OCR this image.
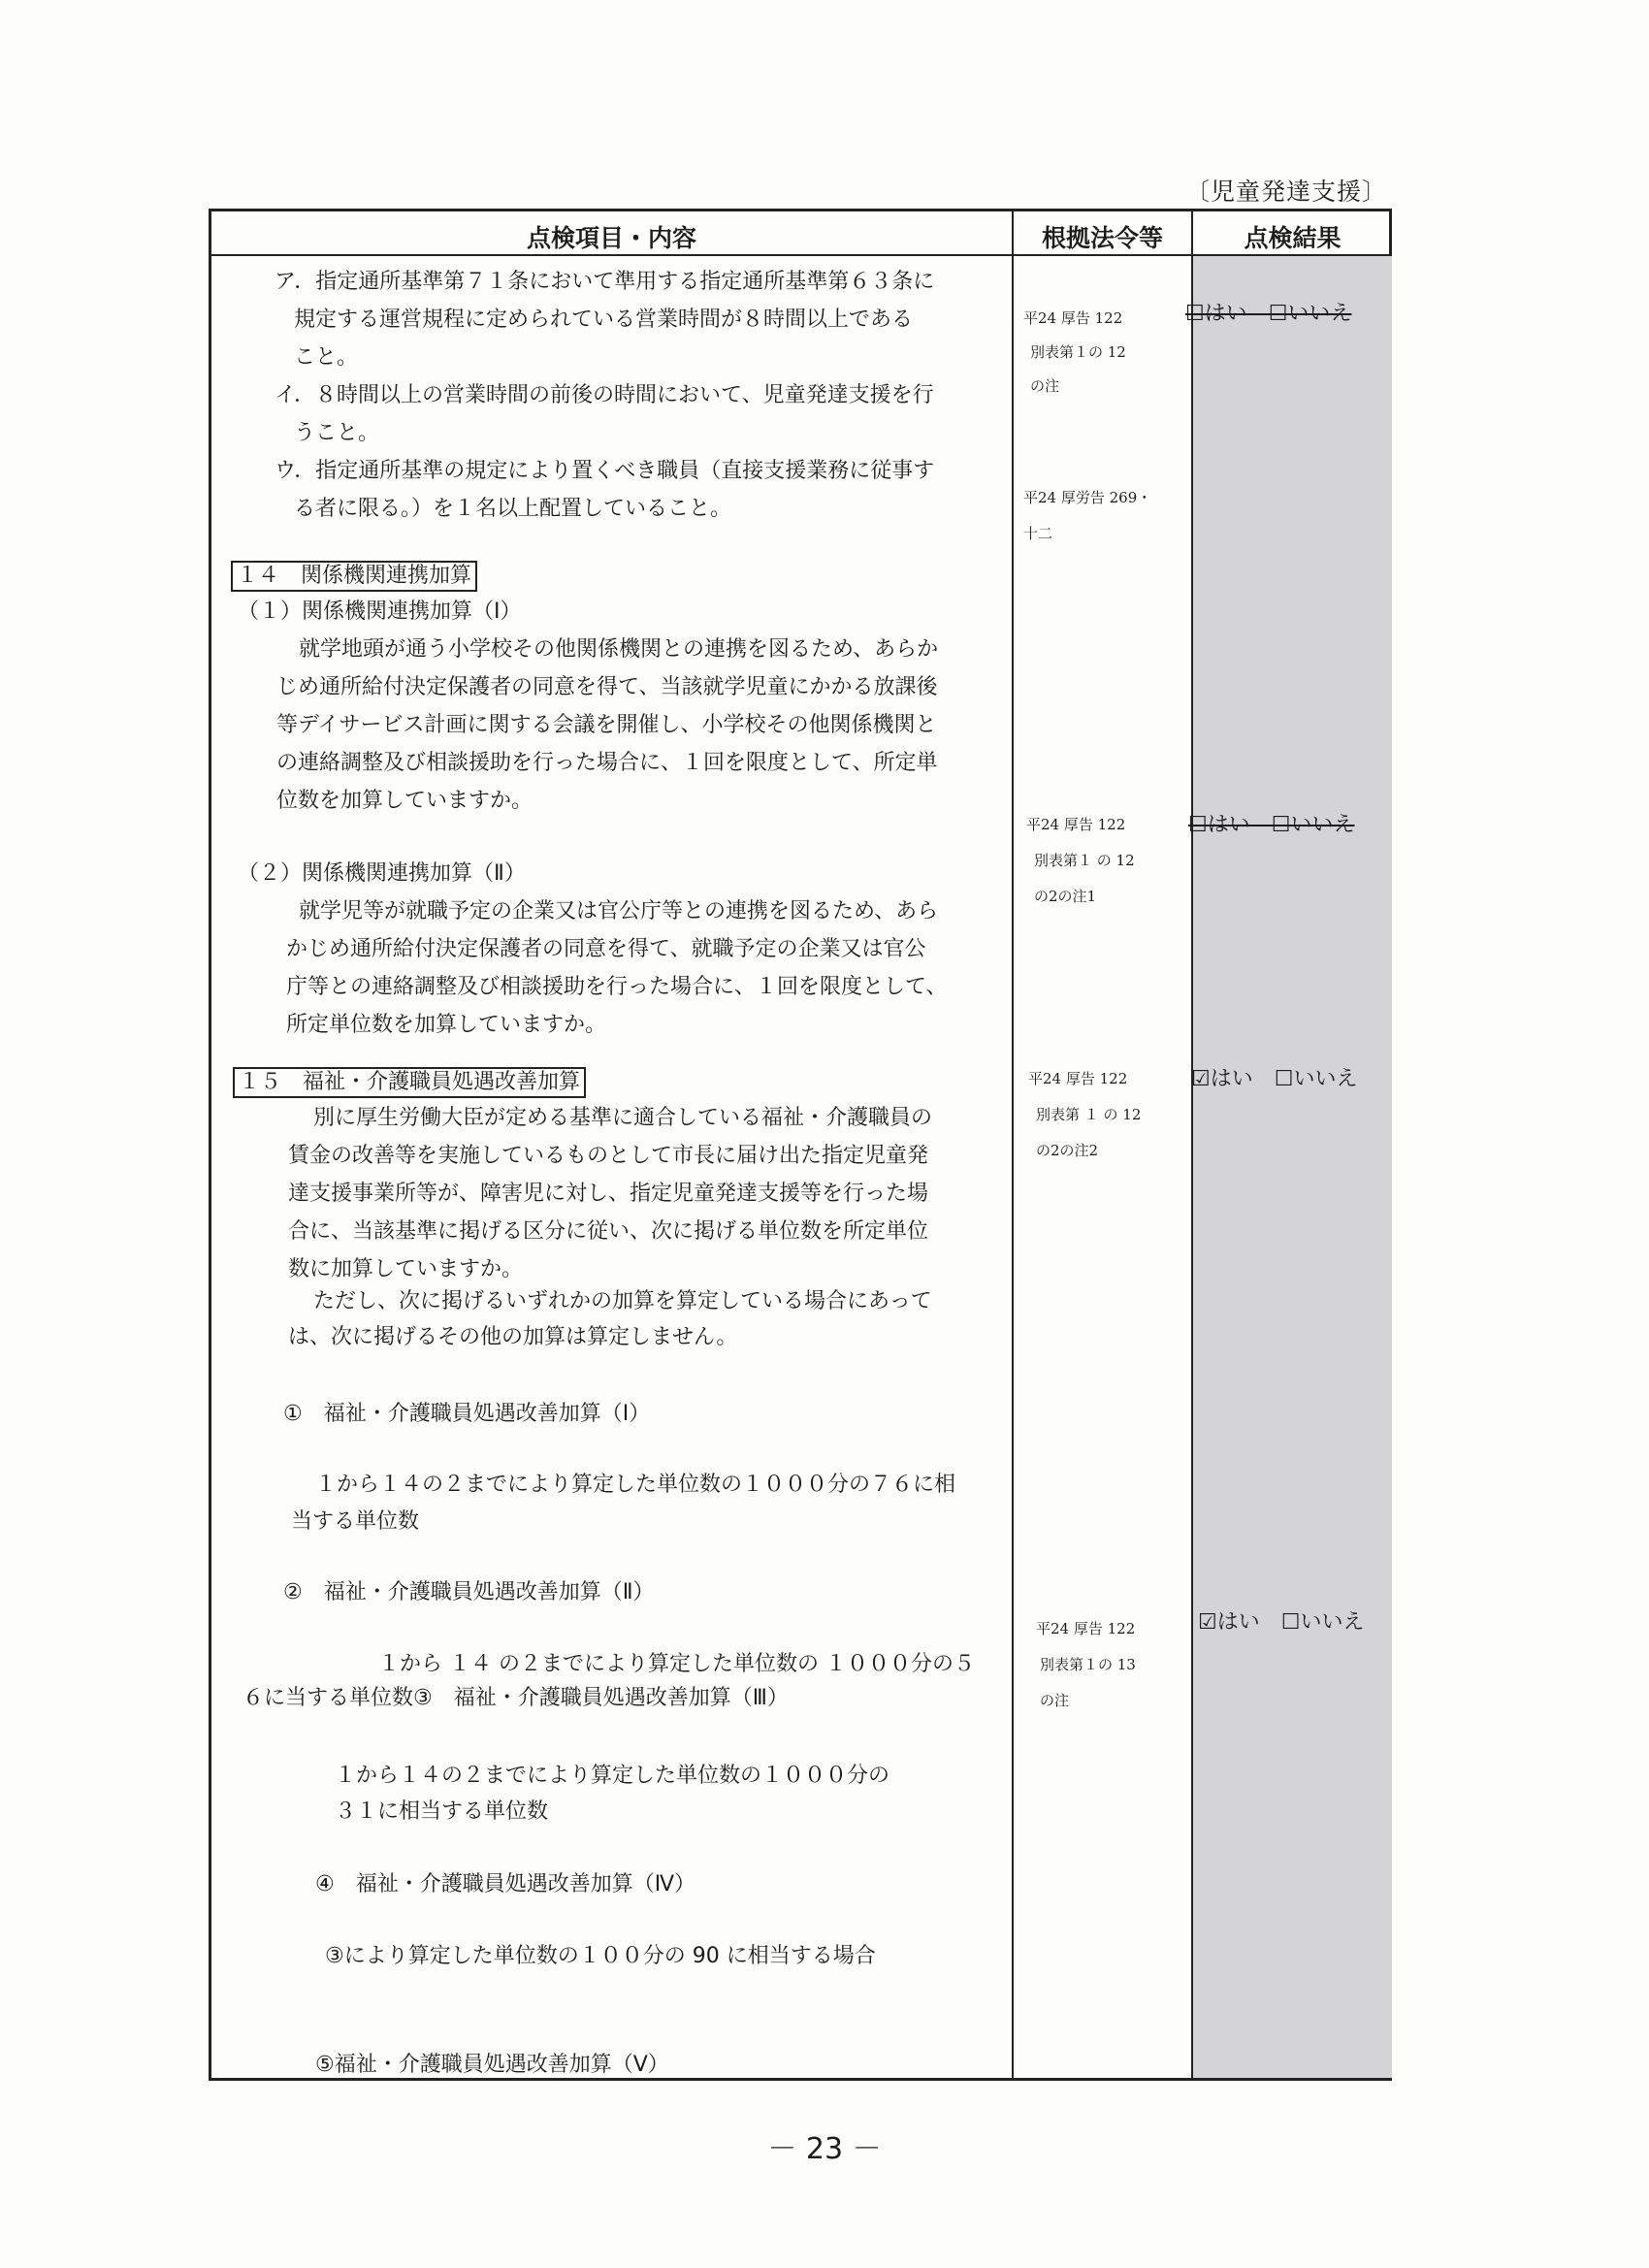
〔児童発達支援〕
点検項目・内容	根拠法令等	点検結果
ア．指定通所基準第７１条において準用する指定通所基準第６３条に
規定する運営規程に定められている営業時間が８時間以上である
こと。
イ．８時間以上の営業時間の前後の時間において、児童発達支援を行
うこと。
ウ．指定通所基準の規定により置くべき職員（直接支援業務に従事す
る者に限る。）を１名以上配置していること。
平24 厚告 122
別表第１の 12
の注
平24 厚労告 269・
十二
☐はい　☐いいえ
１４　関係機関連携加算
（１）関係機関連携加算（Ⅰ）
就学地頭が通う小学校その他関係機関との連携を図るため、あらか
じめ通所給付決定保護者の同意を得て、当該就学児童にかかる放課後
等デイサービス計画に関する会議を開催し、小学校その他関係機関と
の連絡調整及び相談援助を行った場合に、１回を限度として、所定単
位数を加算していますか。
（２）関係機関連携加算（Ⅱ）
就学児等が就職予定の企業又は官公庁等との連携を図るため、あら
かじめ通所給付決定保護者の同意を得て、就職予定の企業又は官公
庁等との連絡調整及び相談援助を行った場合に、１回を限度として、
所定単位数を加算していますか。
平24 厚告 122
別表第１ の 12
の2の注1
☐はい　☐いいえ
１５　福祉・介護職員処遇改善加算
別に厚生労働大臣が定める基準に適合している福祉・介護職員の
賃金の改善等を実施しているものとして市長に届け出た指定児童発
達支援事業所等が、障害児に対し、指定児童発達支援等を行った場
合に、当該基準に掲げる区分に従い、次に掲げる単位数を所定単位
数に加算していますか。
ただし、次に掲げるいずれかの加算を算定している場合にあって
は、次に掲げるその他の加算は算定しません。
平24 厚告 122
別表第 １ の 12
の2の注2
☑はい　☐いいえ
①　福祉・介護職員処遇改善加算（Ⅰ）
１から１４の２までにより算定した単位数の１０００分の７６に相
当する単位数
②　福祉・介護職員処遇改善加算（Ⅱ）
１から １４ の２までにより算定した単位数の １０００分の５
６に当する単位数③　福祉・介護職員処遇改善加算（Ⅲ）
１から１４の２までにより算定した単位数の１０００分の
３１に相当する単位数
④　福祉・介護職員処遇改善加算（Ⅳ）
③により算定した単位数の１００分の 90 に相当する場合
⑤福祉・介護職員処遇改善加算（Ⅴ）
平24 厚告 122
別表第１の 13
の注
☑はい　☐いいえ
－ 23 －
